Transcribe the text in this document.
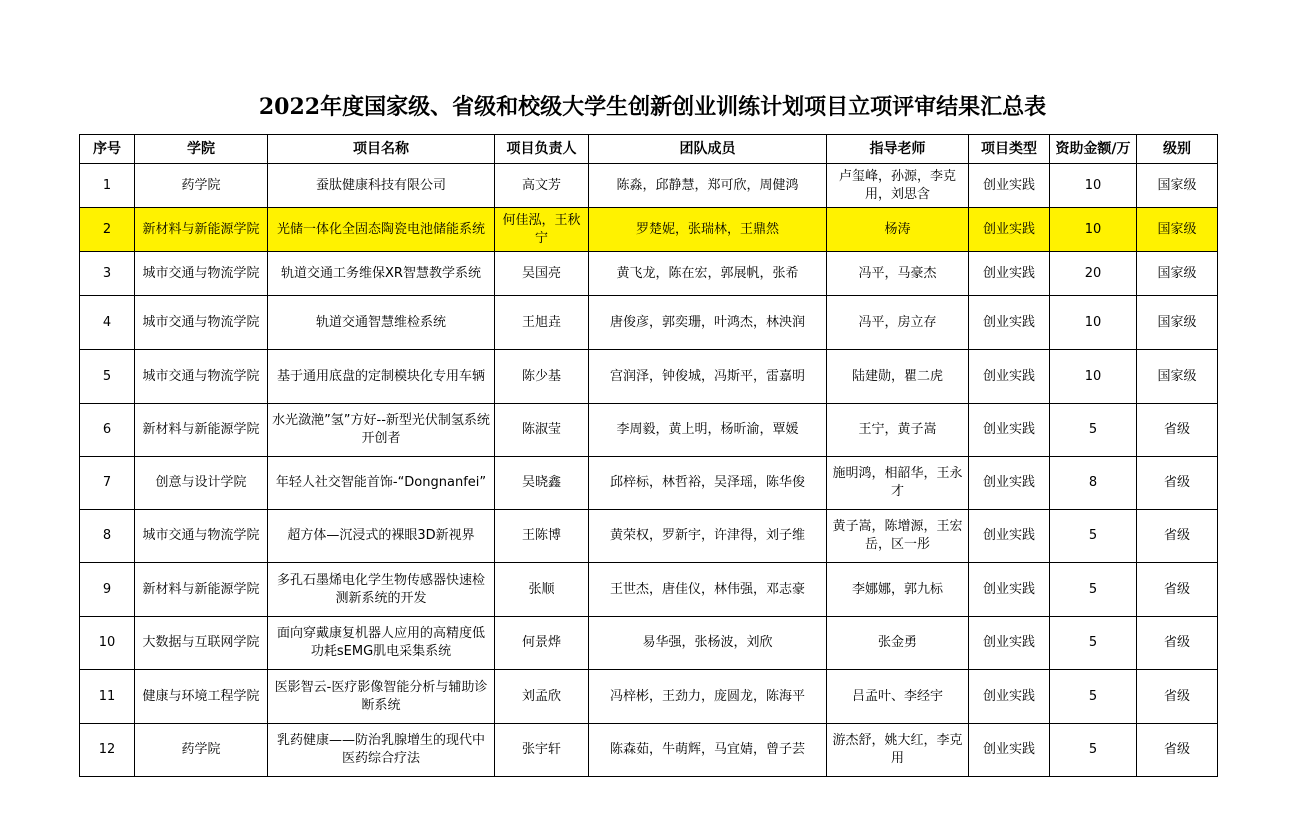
2022年度国家级、省级和校级大学生创新创业训练计划项目立项评审结果汇总表
序号	学院	项目名称	项目负责人	团队成员	指导老师	项目类型	资助金额/万	级别
1	药学院	蚕肽健康科技有限公司	高文芳	陈淼，邱静慧，郑可欣，周健鸿	卢玺峰，孙源，李克用，刘思含	创业实践	10	国家级
2	新材料与新能源学院	光储一体化全固态陶瓷电池储能系统	何佳泓，王秋宁	罗楚妮，张瑞林，王鼎然	杨涛	创业实践	10	国家级
3	城市交通与物流学院	轨道交通工务维保XR智慧教学系统	吴国亮	黄飞龙，陈在宏，郭展帆，张希	冯平，马豪杰	创业实践	20	国家级
4	城市交通与物流学院	轨道交通智慧维检系统	王旭垚	唐俊彦，郭奕珊，叶鸿杰，林泱润	冯平，房立存	创业实践	10	国家级
5	城市交通与物流学院	基于通用底盘的定制模块化专用车辆	陈少基	宫润泽，钟俊城，冯斯平，雷嘉明	陆建勋，瞿二虎	创业实践	10	国家级
6	新材料与新能源学院	水光潋滟”氢”方好--新型光伏制氢系统开创者	陈淑莹	李周毅，黄上明，杨昕渝，覃媛	王宁，黄子嵩	创业实践	5	省级
7	创意与设计学院	年轻人社交智能首饰-“Dongnanfei”	吴晓鑫	邱梓标，林哲裕，吴泽瑶，陈华俊	施明鸿，相韶华，王永才	创业实践	8	省级
8	城市交通与物流学院	超方体—沉浸式的裸眼3D新视界	王陈博	黄荣权，罗新宇，许津得，刘子维	黄子嵩，陈增源，王宏岳，区一彤	创业实践	5	省级
9	新材料与新能源学院	多孔石墨烯电化学生物传感器快速检测新系统的开发	张顺	王世杰，唐佳仪，林伟强，邓志豪	李娜娜，郭九标	创业实践	5	省级
10	大数据与互联网学院	面向穿戴康复机器人应用的高精度低功耗sEMG肌电采集系统	何景烨	易华强，张杨波，刘欣	张金勇	创业实践	5	省级
11	健康与环境工程学院	医影智云-医疗影像智能分析与辅助诊断系统	刘孟欣	冯梓彬，王劲力，庞圆龙，陈海平	吕孟叶、李经宇	创业实践	5	省级
12	药学院	乳药健康——防治乳腺增生的现代中医药综合疗法	张宇轩	陈森茹，牛萌辉，马宜婧，曾子芸	游杰舒，姚大红，李克用	创业实践	5	省级
